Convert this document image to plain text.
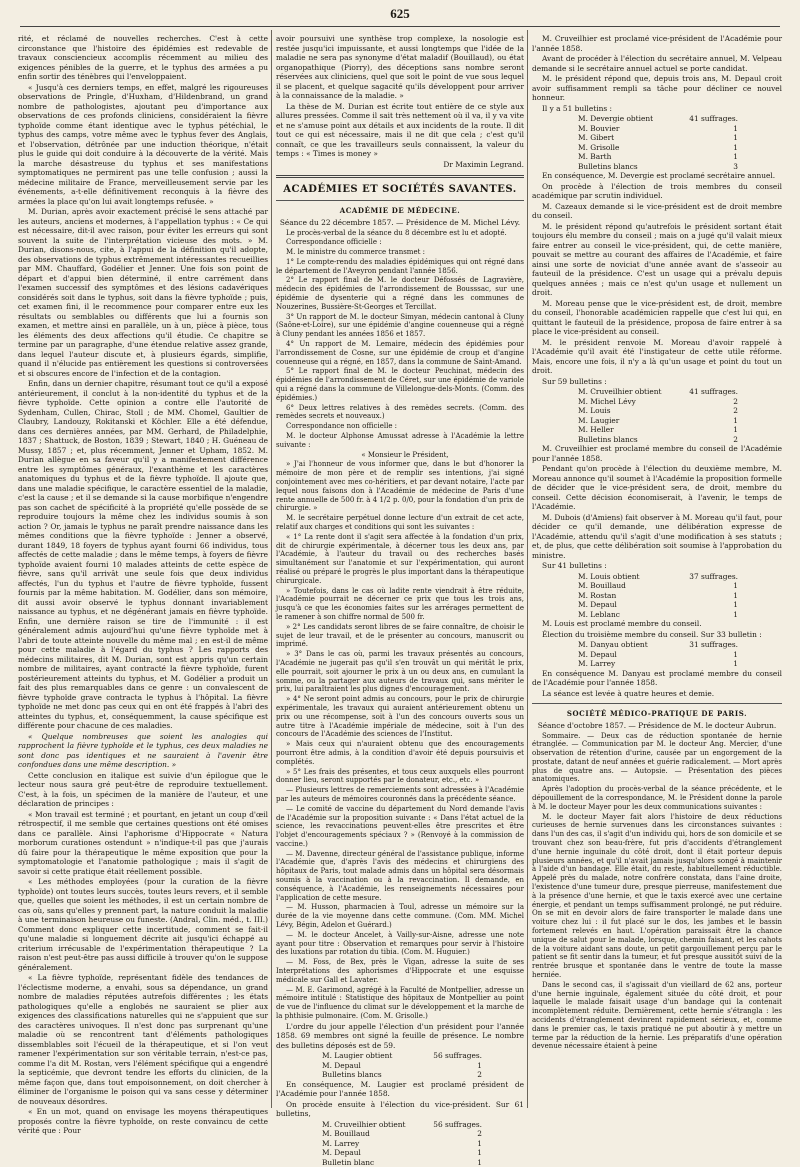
625

rité, et réclamé de nouvelles recherches. C'est à cette circonstance que l'histoire des épidémies est redevable de travaux consciencieux accomplis récemment au milieu des exigences pénibles de la guerre, et le typhus des armées a pu enfin sortir des ténèbres qui l'enveloppaient.

« Jusqu'à ces derniers temps, en effet, malgré les rigoureuses observations de Pringle, d'Huxham, d'Hildenbrand, un grand nombre de pathologistes, ajoutant peu d'importance aux observations de ces profonds cliniciens, considéraient la fièvre typhoïde comme étant identique avec le typhus pétéchial, le typhus des camps, votre même avec le typhus fever des Anglais, et l'observation, détrônée par une induction théorique, n'était plus le guide qui doit conduire à la découverte de la vérité. Mais la marche désastreuse du typhus et ses manifestations symptomatiques ne permirent pas une telle confusion ; aussi la médecine militaire de France, merveilleusement servie par les événements, a-t-elle définitivement reconquis à la fièvre des armées la place qu'on lui avait longtemps refusée. »

M. Durian, après avoir exactement précisé le sens attaché par les auteurs, anciens et modernes, à l'appellation typhus : « Ce qui est nécessaire, dit-il avec raison, pour éviter les erreurs qui sont souvent la suite de l'interprétation vicieuse des mots. » M. Durian, disons-nous, cite, à l'appui de la définition qu'il adopte, des observations de typhus extrêmement intéressantes recueillies par MM. Chauffard, Godélier et Jenner. Une fois son point de départ et d'appui bien déterminé, il entre carrément dans l'examen successif des symptômes et des lésions cadavériques considérés soit dans le typhus, soit dans la fièvre typhoïde ; puis, cet examen fini, il le recommence pour comparer entre eux les résultats ou semblables ou différents que lui a fournis son examen, et mettre ainsi en parallèle, un à un, pièce à pièce, tous les éléments des deux affections qu'il étudie. Ce chapitre se termine par un paragraphe, d'une étendue relative assez grande, dans lequel l'auteur discute et, à plusieurs égards, simplifie, quand il n'élucide pas entièrement les questions si controversées et si obscures encore de l'infection et de la contagion.

Enfin, dans un dernier chapitre, résumant tout ce qu'il a exposé antérieurement, il conclut à la non-identité du typhus et de la fièvre typhoïde. Cette opinion a contre elle l'autorité de Sydenham, Cullen, Chirac, Stoll ; de MM. Chomel, Gaultier de Claubry, Landouzy, Rokitanski et Köchler. Elle a été défendue, dans ces dernières années, par MM. Gerhard, de Philadelphie, 1837 ; Shattuck, de Boston, 1839 ; Stewart, 1840 ; H. Guéneau de Mussy, 1857 ; et, plus récemment, Jenner et Upham, 1852. M. Durian allègue en sa faveur qu'il y a manifestement différence entre les symptômes généraux, l'exanthème et les caractères anatomiques du typhus et de la fièvre typhoïde. Il ajoute que, dans une maladie spécifique, le caractère essentiel de la maladie, c'est la cause ; et il se demande si la cause morbifique n'engendre pas son cachet de spécificité à la propriété qu'elle possède de se reproduire toujours la même chez les individus soumis à son action ? Or, jamais le typhus ne paraît prendre naissance dans les mêmes conditions que la fièvre typhoïde : Jenner a observé, durant 1849, 18 foyers de typhus ayant fourni 66 individus, tous affectés de cette maladie ; dans le même temps, à foyers de fièvre typhoïde avaient fourni 10 malades atteints de cette espèce de fièvre, sans qu'il arrivât une seule fois que deux individus affectés, l'un du typhus et l'autre de fièvre typhoïde, fussent fournis par la même habitation. M. Godélier, dans son mémoire, dit aussi avoir observé le typhus donnant invariablement naissance au typhus, et ne dégénérant jamais en fièvre typhoïde. Enfin, une dernière raison se tire de l'immunité : il est généralement admis aujourd'hui qu'une fièvre typhoïde met à l'abri de toute atteinte nouvelle du même mal ; en est-il de même pour cette maladie à l'égard du typhus ? Les rapports des médecins militaires, dit M. Durian, sont est appris qu'un certain nombre de militaires, ayant contracté la fièvre typhoïde, furent postérieurement atteints du typhus, et M. Godélier a produit un fait des plus remarquables dans ce genre : un convalescent de fièvre typhoïde grave contracta le typhus à l'hôpital. La fièvre typhoïde ne met donc pas ceux qui en ont été frappés à l'abri des atteintes du typhus, et, conséquemment, la cause spécifique est différente pour chacune de ces maladies.

« Quelque nombreuses que soient les analogies qui rapprochent la fièvre typhoïde et le typhus, ces deux maladies ne sont donc pas identiques et ne sauraient à l'avenir être confondues dans une même description. »

Cette conclusion en italique est suivie d'un épilogue que le lecteur nous saura gré peut-être de reproduire textuellement. C'est, à la fois, un spécimen de la manière de l'auteur, et une déclaration de principes :

« Mon travail est terminé ; et pourtant, en jetant un coup d'œil rétrospectif, il me semble que certaines questions ont été omises dans ce parallèle. Ainsi l'aphorisme d'Hippocrate « Natura morborum curationes ostendunt » n'indique-t-il pas que j'aurais dû faire pour la thérapeutique le même exposition que pour la symptomatologie et l'anatomie pathologique ; mais il s'agit de savoir si cette pratique était réellement possible.

« Les méthodes employées (pour la curation de la fièvre typhoïde) ont toutes leurs succès, toutes leurs revers, et il semble que, quelles que soient les méthodes, il est un certain nombre de cas où, sans qu'elles y prennent part, la nature conduit la maladie à une terminaison heureuse ou funeste. (Andral, Clin. méd., t. III.) Comment donc expliquer cette incertitude, comment se fait-il qu'une maladie si longuement décrite ait jusqu'ici échappé au criterium irrécusable de l'expérimentation thérapeutique ? La raison n'est peut-être pas aussi difficile à trouver qu'on le suppose généralement.

« La fièvre typhoïde, représentant fidèle des tendances de l'éclectisme moderne, a envahi, sous sa dépendance, un grand nombre de maladies réputées autrefois différentes ; les états pathologiques qu'elle a englobés ne sauraient se plier aux exigences des classifications naturelles qui ne s'appuient que sur des caractères univoques. Il n'est donc pas surprenant qu'une maladie où se rencontrent tant d'éléments pathologiques dissemblables soit l'écueil de la thérapeutique, et si l'on veut ramener l'expérimentation sur son véritable terrain, n'est-ce pas, comme l'a dit M. Rostan, vers l'élément spécifique qui a engendré la septicémie, que devront tendre les efforts du clinicien, de la même façon que, dans tout empoisonnement, on doit chercher à éliminer de l'organisme le poison qui va sans cesse y déterminer de nouveaux désordres.

« En un mot, quand on envisage les moyens thérapeutiques proposés contre la fièvre typhoïde, on reste convaincu de cette vérité que : Pour

avoir poursuivi une synthèse trop complexe, la nosologie est restée jusqu'ici impuissante, et aussi longtemps que l'idée de la maladie ne sera pas synonyme d'état maladif (Bouillaud), ou état organopathique (Piorry), des déceptions sans nombre seront réservées aux cliniciens, quel que soit le point de vue sous lequel il se placent, et quelque sagacité qu'ils développent pour arriver à la connaissance de la maladie. »

La thèse de M. Durian est écrite tout entière de ce style aux allures pressées. Comme il sait très nettement où il va, il y va vite et ne s'amuse point aux détails et aux incidents de la route. Il dit tout ce qui est nécessaire, mais il ne dit que cela ; c'est qu'il connaît, ce que les travailleurs seuls connaissent, la valeur du temps : « Times is money »

Dr Maximin Legrand.
ACADÉMIES ET SOCIÉTÉS SAVANTES.
ACADÉMIE DE MÉDECINE.

Séance du 22 décembre 1857. — Présidence de M. Michel Lévy.

Le procès-verbal de la séance du 8 décembre est lu et adopté.

Correspondance officielle :

M. le ministre du commerce transmet :

1° Le compte-rendu des maladies épidémiques qui ont régné dans le département de l'Aveyron pendant l'année 1856.

2° Le rapport final de M. le docteur Défossés de Lagravière, médecin des épidémies de l'arrondissement de Bousssac, sur une épidémie de dysenterie qui a régné dans les communes de Nouzerines, Bussière-St-Georges et Tercillat.

3° Un rapport de M. le docteur Simyan, médecin cantonal à Cluny (Saône-et-Loire), sur une épidémie d'angine couenneuse qui a régné à Cluny pendant les années 1856 et 1857.

4° Un rapport de M. Lemaire, médecin des épidémies pour l'arrondissement de Cosne, sur une épidémie de croup et d'angine couenneuse qui a régné, en 1857, dans la commune de Saint-Amand.

5° Le rapport final de M. le docteur Peuchinat, médecin des épidémies de l'arrondissement de Céret, sur une épidémie de variole qui a régné dans la commune de Villelongue-dels-Monts. (Comm. des épidémies.)

6° Deux lettres relatives à des remèdes secrets. (Comm. des remèdes secrets et nouveaux.)

Correspondance non officielle :

M. le docteur Alphonse Amussat adresse à l'Académie la lettre suivante :

« Monsieur le Président,

» J'ai l'honneur de vous informer que, dans le but d'honorer la mémoire de mon père et de remplir ses intentions, j'ai signé conjointement avec mes co-héritiers, et par devant notaire, l'acte par lequel nous faisons don à l'Académie de médecine de Paris d'une rente annuelle de 500 fr. à 4 1/2 p. 0/0, pour la fondation d'un prix de chirurgie. »

M. le secrétaire perpétuel donne lecture d'un extrait de cet acte, relatif aux charges et conditions qui sont les suivantes :

« 1° La rente dont il s'agit sera affectée à la fondation d'un prix, dit de chirurgie expérimentale, à décerner tous les deux ans, par l'Académie, à l'auteur du travail ou des recherches basés simultanément sur l'anatomie et sur l'expérimentation, qui auront réalisé ou préparé le progrès le plus important dans la thérapeutique chirurgicale.

» Toutefois, dans le cas où ladite rente viendrait à être réduite, l'Académie pourrait ne décerner ce prix que tous les trois ans, jusqu'à ce que les économies faites sur les arrérages permettent de le ramener à son chiffre normal de 500 fr.

» 2° Les candidats seront libres de se faire connaître, de choisir le sujet de leur travail, et de le présenter au concours, manuscrit ou imprimé.

» 3° Dans le cas où, parmi les travaux présentés au concours, l'Académie ne jugerait pas qu'il s'en trouvât un qui méritât le prix, elle pourrait, soit ajourner le prix à un ou deux ans, en cumulant la somme, ou la partager aux auteurs de travaux qui, sans mériter le prix, lui paraîtraient les plus dignes d'encouragement.

» 4° Ne seront point admis au concours, pour le prix de chirurgie expérimentale, les travaux qui auraient antérieurement obtenu un prix ou une récompense, soit à l'un des concours ouverts sous un autre titre à l'Académie impériale de médecine, soit à l'un des concours de l'Académie des sciences de l'Institut.

» Mais ceux qui n'auraient obtenu que des encouragements pourront être admis, à la condition d'avoir été depuis poursuivis et complétés.

» 5° Les frais des présentes, et tous ceux auxquels elles pourront donner lieu, seront supportés par le donateur, etc., etc. »

— Plusieurs lettres de remerciements sont adressées à l'Académie par les auteurs de mémoires couronnés dans la précédente séance.

— Le comité de vaccine du département du Nord demande l'avis de l'Académie sur la proposition suivante : « Dans l'état actuel de la science, les revaccinations peuvent-elles être prescrites et être l'objet d'encouragements spéciaux ? » (Renvoyé à la commission de vaccine.)

— M. Davenne, directeur général de l'assistance publique, informe l'Académie que, d'après l'avis des médecins et chirurgiens des hôpitaux de Paris, tout malade admis dans un hôpital sera désormais soumis à la vaccination ou à la revaccination. Il demande, en conséquence, à l'Académie, les renseignements nécessaires pour l'application de cette mesure.

— M. Husson, pharmacien à Toul, adresse un mémoire sur la durée de la vie moyenne dans cette commune. (Com. MM. Michel Lévy, Bégin, Adelon et Guérard.)

— M. le docteur Ancelet, à Vailly-sur-Aisne, adresse une note ayant pour titre : Observation et remarques pour servir à l'histoire des luxations par rotation du tibia. (Com. M. Huguier.)

— M. Foss, de Bex, près le Vigan, adresse la suite de ses Interprétations des aphorismes d'Hippocrate et une esquisse médicale sur Gall et Lavater.

— M. E. Garimond, agrégé à la Faculté de Montpellier, adresse un mémoire intitulé : Statistique des hôpitaux de Montpellier au point de vue de l'influence du climat sur le développement et la marche de la phthisie pulmonaire. (Com. M. Grisolle.)

L'ordre du jour appelle l'élection d'un président pour l'année 1858. 69 membres ont signé la feuille de présence. Le nombre des bulletins déposés est de 59.

M. Laugier obtient	56 suffrages.
M. Depaul	1
Bulletins blancs	2

En conséquence, M. Laugier est proclamé président de l'Académie pour l'année 1858.

On procède ensuite à l'élection du vice-président. Sur 61 bulletins,

M. Cruveilhier obtient	56 suffrages.
M. Bouillaud	2
M. Larrey	1
M. Depaul	1
Bulletin blanc	1

M. Cruveilhier est proclamé vice-président de l'Académie pour l'année 1858.

Avant de procéder à l'élection du secrétaire annuel, M. Velpeau demande si le secrétaire annuel actuel se porte candidat.

M. le président répond que, depuis trois ans, M. Depaul croit avoir suffisamment rempli sa tâche pour décliner ce nouvel honneur.

Il y a 51 bulletins :

M. Devergie obtient	41 suffrages.
M. Bouvier	1
M. Gibert	1
M. Grisolle	1
M. Barth	1
Bulletins blancs	3

En conséquence, M. Devergie est proclamé secrétaire annuel.

On procède à l'élection de trois membres du conseil académique par scrutin individuel.

M. Cazeaux demande si le vice-président est de droit membre du conseil.

M. le président répond qu'autrefois le président sortant était toujours élu membre du conseil ; mais on a jugé qu'il valait mieux faire entrer au conseil le vice-président, qui, de cette manière, pouvait se mettre au courant des affaires de l'Académie, et faire ainsi une sorte de noviciat d'une année avant de s'asseoir au fauteuil de la présidence. C'est un usage qui a prévalu depuis quelques années ; mais ce n'est qu'un usage et nullement un droit.

M. Moreau pense que le vice-président est, de droit, membre du conseil, l'honorable académicien rappelle que c'est lui qui, en quittant le fauteuil de la présidence, proposa de faire entrer à sa place le vice-président au conseil.

M. le président renvoie M. Moreau d'avoir rappelé à l'Académie qu'il avait été l'instigateur de cette utile réforme. Mais, encore une fois, il n'y a là qu'un usage et point du tout un droit.

Sur 59 bulletins :

M. Cruveilhier obtient	41 suffrages.
M. Michel Lévy	2
M. Louis	2
M. Laugier	1
M. Heller	1
Bulletins blancs	2

M. Cruveilhier est proclamé membre du conseil de l'Académie pour l'année 1858.

Pendant qu'on procède à l'élection du deuxième membre, M. Moreau annonce qu'il soumet à l'Académie la proposition formelle de décider que le vice-président sera, de droit, membre du conseil. Cette décision économiserait, à l'avenir, le temps de l'Académie.

M. Dubois (d'Amiens) fait observer à M. Moreau qu'il faut, pour décider ce qu'il demande, une délibération expresse de l'Académie, attendu qu'il s'agit d'une modification à ses statuts ; et, de plus, que cette délibération soit soumise à l'approbation du ministre.

Sur 41 bulletins :

M. Louis obtient	37 suffrages.
M. Bouillaud	1
M. Rostan	1
M. Depaul	1
M. Leblanc	1

M. Louis est proclamé membre du conseil.

Élection du troisième membre du conseil. Sur 33 bulletin :

M. Danyau obtient	31 suffrages.
M. Depaul	1
M. Larrey	1

En conséquence M. Danyau est proclamé membre du conseil de l'Académie pour l'année 1858.

La séance est levée à quatre heures et demie.

SOCIÉTÉ MÉDICO-PRATIQUE DE PARIS.

Séance d'octobre 1857. — Présidence de M. le docteur Aubrun.

Sommaire. — Deux cas de réduction spontanée de hernie étranglée. — Communication par M. le docteur Ang. Mercier, d'une observation de rétention d'urine, causée par un engorgement de la prostate, datant de neuf années et guérie radicalement. — Mort après plus de quatre ans. — Autopsie. — Présentation des pièces anatomiques.

Après l'adoption du procès-verbal de la séance précédente, et le dépouillement de la correspondance, M. le Président donne la parole à M. le docteur Mayer pour les deux communications suivantes :

M. le docteur Mayer fait alors l'histoire de deux réductions curieuses de hernie survenues dans les circonstances suivantes : dans l'un des cas, il s'agit d'un individu qui, hors de son domicile et se trouvant chez son beau-frère, fut pris d'accidents d'étranglement d'une hernie inguinale du côté droit, dont il était porteur depuis plusieurs années, et qu'il n'avait jamais jusqu'alors songé à maintenir à l'aide d'un bandage. Elle était, du reste, habituellement réductible. Appelé près du malade, notre confrère constata, dans l'aine droite, l'existence d'une tumeur dure, presque pierreuse, manifestement due à la présence d'une hernie, et que le taxis exercé avec une certaine énergie, et pendant un temps suffisamment prolongé, ne put réduire. On se mit en devoir alors de faire transporter le malade dans une voiture chez lui : il fut placé sur le dos, les jambes et le bassin fortement relevés en haut. L'opération paraissait être la chance unique de salut pour le malade, lorsque, chemin faisant, et les cahots de la voiture aidant sans doute, un petit gargouillement perçu par le patient se fit sentir dans la tumeur, et fut presque aussitôt suivi de la rentrée brusque et spontanée dans le ventre de toute la masse herniée.

Dans le second cas, il s'agissait d'un vieillard de 62 ans, porteur d'une hernie inguinale, également située du côté droit, et pour laquelle le malade faisait usage d'un bandage qui la contenait incomplètement réduite. Dernièrement, cette hernie s'étrangla : les accidents d'étranglement devinrent rapidement sérieux, et, comme dans le premier cas, le taxis pratiqué ne put aboutir à y mettre un terme par la réduction de la hernie. Les préparatifs d'une opération devenue nécessaire étaient à peine
